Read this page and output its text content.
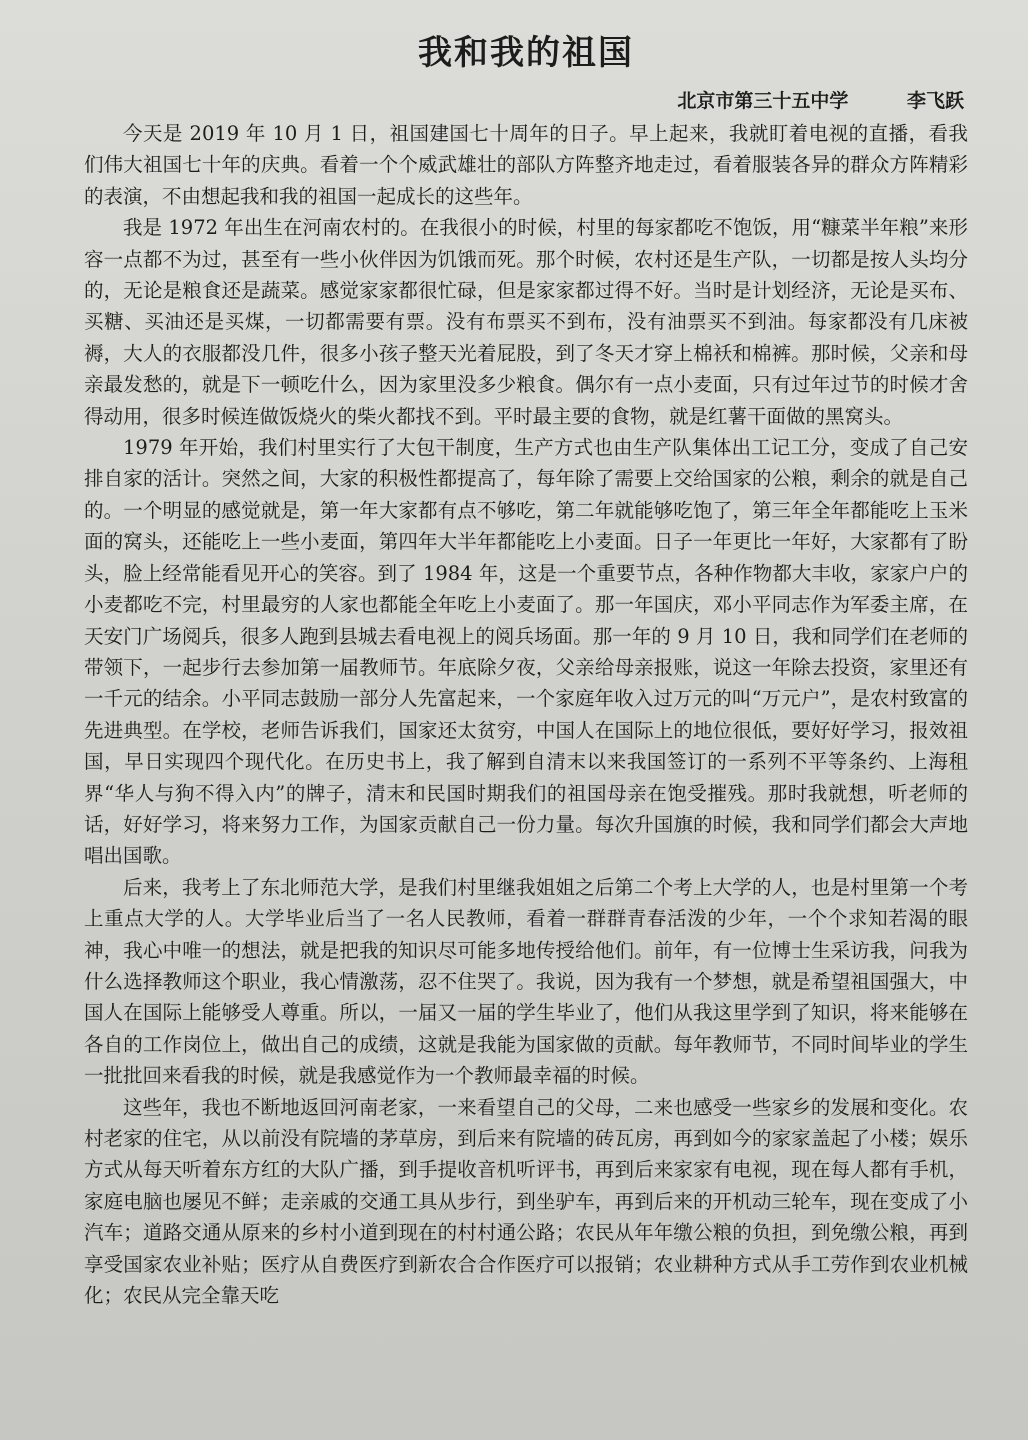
我和我的祖国
北京市第三十五中学	李飞跃

今天是 2019 年 10 月 1 日，祖国建国七十周年的日子。早上起来，我就盯着电视的直播，看我们伟大祖国七十年的庆典。看着一个个威武雄壮的部队方阵整齐地走过，看着服装各异的群众方阵精彩的表演，不由想起我和我的祖国一起成长的这些年。

我是 1972 年出生在河南农村的。在我很小的时候，村里的每家都吃不饱饭，用“糠菜半年粮”来形容一点都不为过，甚至有一些小伙伴因为饥饿而死。那个时候，农村还是生产队，一切都是按人头均分的，无论是粮食还是蔬菜。感觉家家都很忙碌，但是家家都过得不好。当时是计划经济，无论是买布、买糖、买油还是买煤，一切都需要有票。没有布票买不到布，没有油票买不到油。每家都没有几床被褥，大人的衣服都没几件，很多小孩子整天光着屁股，到了冬天才穿上棉袄和棉裤。那时候，父亲和母亲最发愁的，就是下一顿吃什么，因为家里没多少粮食。偶尔有一点小麦面，只有过年过节的时候才舍得动用，很多时候连做饭烧火的柴火都找不到。平时最主要的食物，就是红薯干面做的黑窝头。

1979 年开始，我们村里实行了大包干制度，生产方式也由生产队集体出工记工分，变成了自己安排自家的活计。突然之间，大家的积极性都提高了，每年除了需要上交给国家的公粮，剩余的就是自己的。一个明显的感觉就是，第一年大家都有点不够吃，第二年就能够吃饱了，第三年全年都能吃上玉米面的窝头，还能吃上一些小麦面，第四年大半年都能吃上小麦面。日子一年更比一年好，大家都有了盼头，脸上经常能看见开心的笑容。到了 1984 年，这是一个重要节点，各种作物都大丰收，家家户户的小麦都吃不完，村里最穷的人家也都能全年吃上小麦面了。那一年国庆，邓小平同志作为军委主席，在天安门广场阅兵，很多人跑到县城去看电视上的阅兵场面。那一年的 9 月 10 日，我和同学们在老师的带领下，一起步行去参加第一届教师节。年底除夕夜，父亲给母亲报账，说这一年除去投资，家里还有一千元的结余。小平同志鼓励一部分人先富起来，一个家庭年收入过万元的叫“万元户”，是农村致富的先进典型。在学校，老师告诉我们，国家还太贫穷，中国人在国际上的地位很低，要好好学习，报效祖国，早日实现四个现代化。在历史书上，我了解到自清末以来我国签订的一系列不平等条约、上海租界“华人与狗不得入内”的牌子，清末和民国时期我们的祖国母亲在饱受摧残。那时我就想，听老师的话，好好学习，将来努力工作，为国家贡献自己一份力量。每次升国旗的时候，我和同学们都会大声地唱出国歌。

后来，我考上了东北师范大学，是我们村里继我姐姐之后第二个考上大学的人，也是村里第一个考上重点大学的人。大学毕业后当了一名人民教师，看着一群群青春活泼的少年，一个个求知若渴的眼神，我心中唯一的想法，就是把我的知识尽可能多地传授给他们。前年，有一位博士生采访我，问我为什么选择教师这个职业，我心情激荡，忍不住哭了。我说，因为我有一个梦想，就是希望祖国强大，中国人在国际上能够受人尊重。所以，一届又一届的学生毕业了，他们从我这里学到了知识，将来能够在各自的工作岗位上，做出自己的成绩，这就是我能为国家做的贡献。每年教师节，不同时间毕业的学生一批批回来看我的时候，就是我感觉作为一个教师最幸福的时候。

这些年，我也不断地返回河南老家，一来看望自己的父母，二来也感受一些家乡的发展和变化。农村老家的住宅，从以前没有院墙的茅草房，到后来有院墙的砖瓦房，再到如今的家家盖起了小楼；娱乐方式从每天听着东方红的大队广播，到手提收音机听评书，再到后来家家有电视，现在每人都有手机，家庭电脑也屡见不鲜；走亲戚的交通工具从步行，到坐驴车，再到后来的开机动三轮车，现在变成了小汽车；道路交通从原来的乡村小道到现在的村村通公路；农民从年年缴公粮的负担，到免缴公粮，再到享受国家农业补贴；医疗从自费医疗到新农合合作医疗可以报销；农业耕种方式从手工劳作到农业机械化；农民从完全靠天吃
